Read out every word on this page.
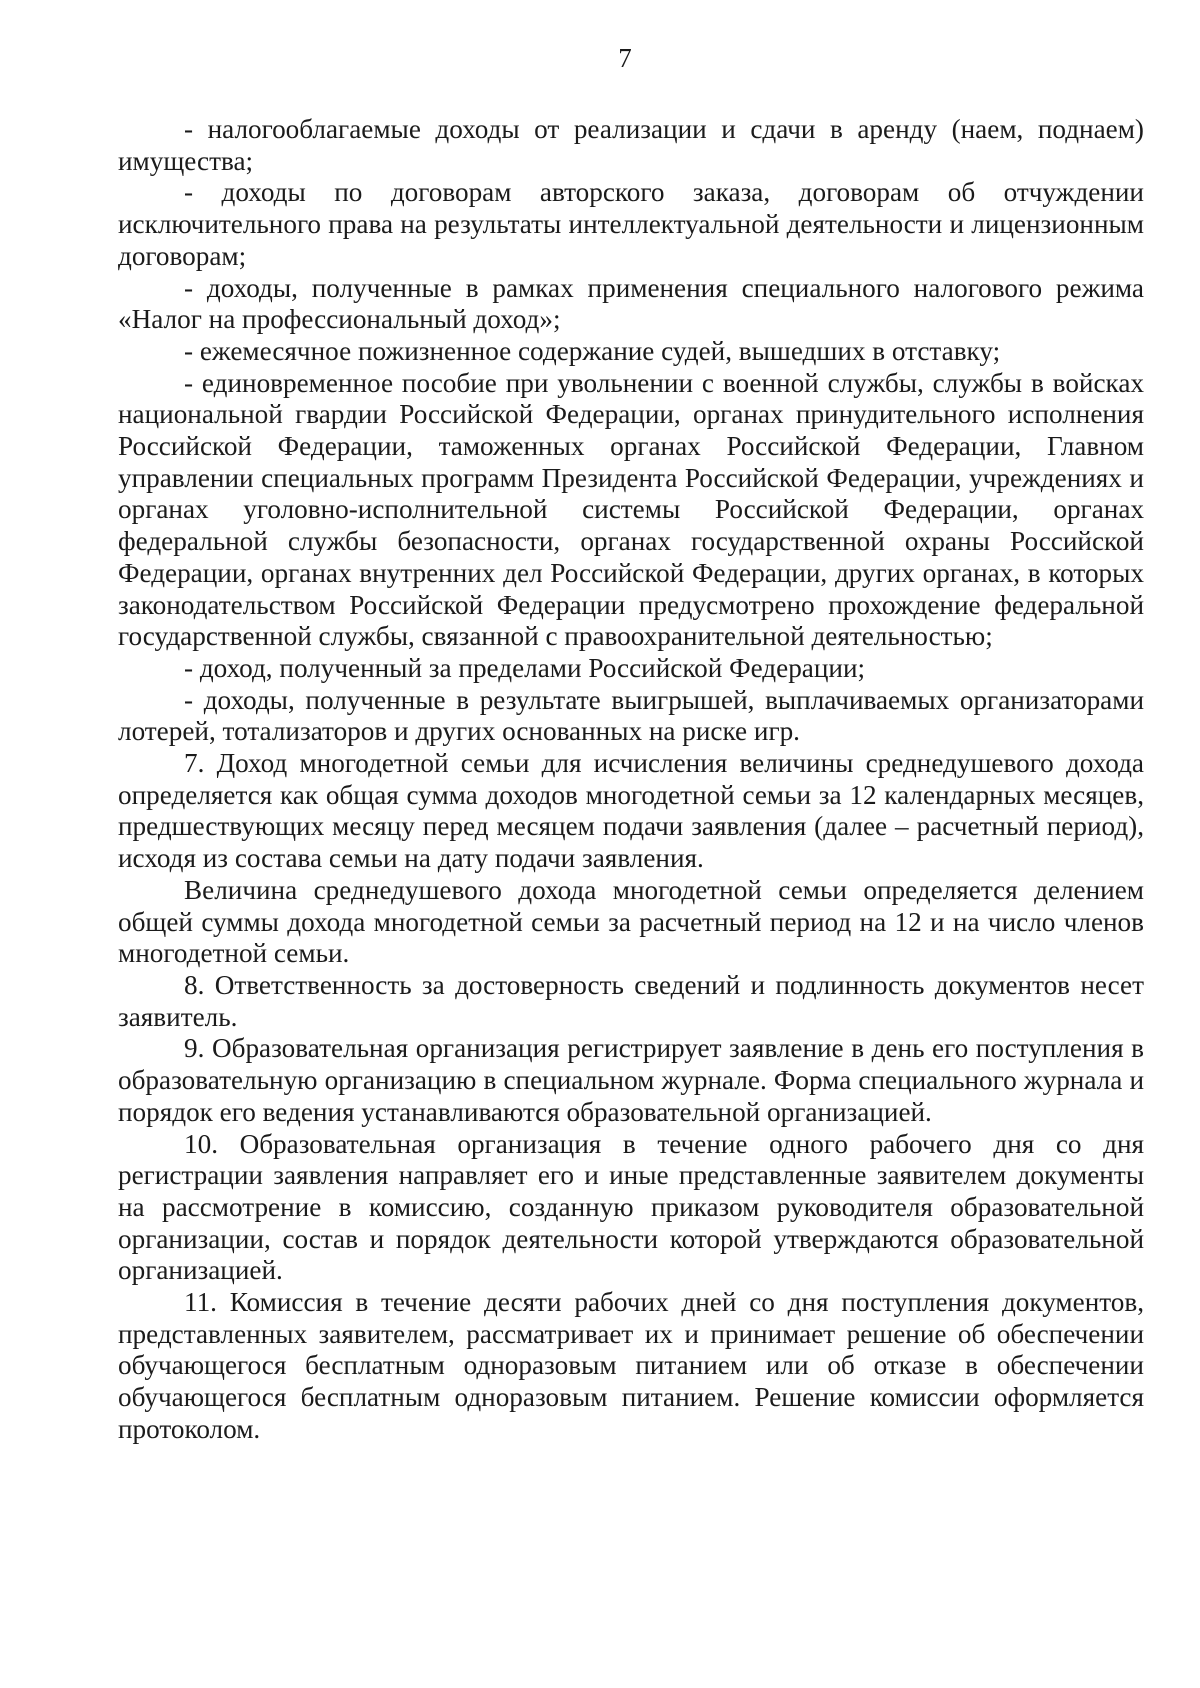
7

- налогооблагаемые доходы от реализации и сдачи в аренду (наем, поднаем) имущества;

- доходы по договорам авторского заказа, договорам об отчуждении исключительного права на результаты интеллектуальной деятельности и лицензионным договорам;

- доходы, полученные в рамках применения специального налогового режима «Налог на профессиональный доход»;

- ежемесячное пожизненное содержание судей, вышедших в отставку;

- единовременное пособие при увольнении с военной службы, службы в войсках национальной гвардии Российской Федерации, органах принудительного исполнения Российской Федерации, таможенных органах Российской Федерации, Главном управлении специальных программ Президента Российской Федерации, учреждениях и органах уголовно-исполнительной системы Российской Федерации, органах федеральной службы безопасности, органах государственной охраны Российской Федерации, органах внутренних дел Российской Федерации, других органах, в которых законодательством Российской Федерации предусмотрено прохождение федеральной государственной службы, связанной с правоохранительной деятельностью;

- доход, полученный за пределами Российской Федерации;

- доходы, полученные в результате выигрышей, выплачиваемых организаторами лотерей, тотализаторов и других основанных на риске игр.

7. Доход многодетной семьи для исчисления величины среднедушевого дохода определяется как общая сумма доходов многодетной семьи за 12 календарных месяцев, предшествующих месяцу перед месяцем подачи заявления (далее – расчетный период), исходя из состава семьи на дату подачи заявления.

Величина среднедушевого дохода многодетной семьи определяется делением общей суммы дохода многодетной семьи за расчетный период на 12 и на число членов многодетной семьи.

8. Ответственность за достоверность сведений и подлинность документов несет заявитель.

9. Образовательная организация регистрирует заявление в день его поступления в образовательную организацию в специальном журнале. Форма специального журнала и порядок его ведения устанавливаются образовательной организацией.

10. Образовательная организация в течение одного рабочего дня со дня регистрации заявления направляет его и иные представленные заявителем документы на рассмотрение в комиссию, созданную приказом руководителя образовательной организации, состав и порядок деятельности которой утверждаются образовательной организацией.

11. Комиссия в течение десяти рабочих дней со дня поступления документов, представленных заявителем, рассматривает их и принимает решение об обеспечении обучающегося бесплатным одноразовым питанием или об отказе в обеспечении обучающегося бесплатным одноразовым питанием. Решение комиссии оформляется протоколом.
